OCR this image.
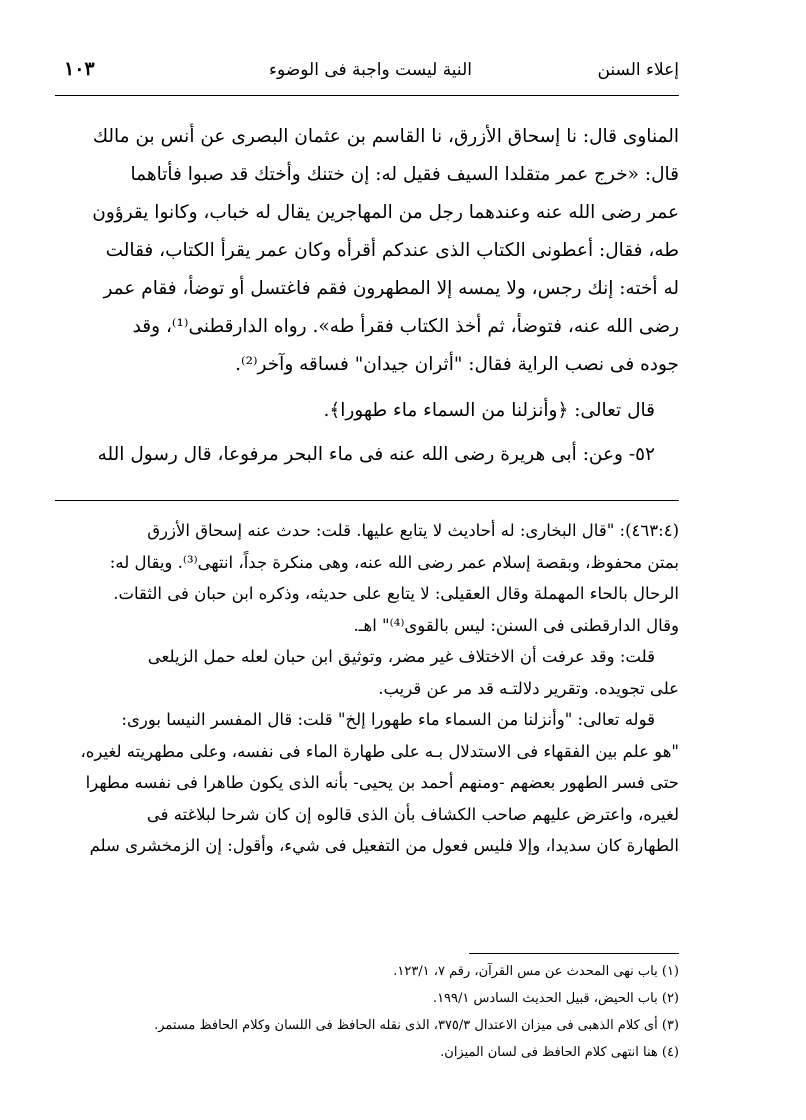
إعلاء السنن
النية ليست واجبة فى الوضوء
١٠٣
المناوى قال: نا إسحاق الأزرق، نا القاسم بن عثمان البصرى عن أنس بن مالك
قال: «خرج عمر متقلدا السيف فقيل له: إن ختنك وأختك قد صبوا فأتاهما
عمر رضى الله عنه وعندهما رجل من المهاجرين يقال له خباب، وكانوا يقرؤون
طه، فقال: أعطونى الكتاب الذى عندكم أقرأه وكان عمر يقرأ الكتاب، فقالت
له أخته: إنك رجس، ولا يمسه إلا المطهرون فقم فاغتسل أو توضأ، فقام عمر
رضى الله عنه، فتوضأ، ثم أخذ الكتاب فقرأ طه». رواه الدارقطنى⁽¹⁾، وقد
جوده فى نصب الراية فقال: "أثران جيدان" فساقه وآخر⁽²⁾.
قال تعالى: ﴿وأنزلنا من السماء ماء طهورا﴾.
٥٢- وعن: أبى هريرة رضى الله عنه فى ماء البحر مرفوعا، قال رسول الله
(٤٦٣:٤): "قال البخارى: له أحاديث لا يتابع عليها. قلت: حدث عنه إسحاق الأزرق
بمتن محفوظ، وبقصة إسلام عمر رضى الله عنه، وهى منكرة جداً، انتهى⁽³⁾. ويقال له:
الرحال بالحاء المهملة وقال العقيلى: لا يتابع على حديثه، وذكره ابن حبان فى الثقات.
وقال الدارقطنى فى السنن: ليس بالقوى⁽⁴⁾" اهـ.
قلت: وقد عرفت أن الاختلاف غير مضر، وتوثيق ابن حبان لعله حمل الزيلعى
على تجويده. وتقرير دلالتـه قد مر عن قريب.
قوله تعالى: "وأنزلنا من السماء ماء طهورا إلخ" قلت: قال المفسر النيسا بورى:
"هو علم بين الفقهاء فى الاستدلال بـه على طهارة الماء فى نفسه، وعلى مطهريته لغيره،
حتى فسر الطهور بعضهم -ومنهم أحمد بن يحيى- بأنه الذى يكون طاهرا فى نفسه مطهرا
لغيره، واعترض عليهم صاحب الكشاف بأن الذى قالوه إن كان شرحا لبلاغته فى
الطهارة كان سديدا، وإلا فليس فعول من التفعيل فى شيء، وأقول: إن الزمخشرى سلم
(١) باب نهى المحدث عن مس القرآن، رقم ٧، ١٢٣/١.
(٢) باب الحيض، قبيل الحديث السادس ١٩٩/١.
(٣) أى كلام الذهبى فى ميزان الاعتدال ٣٧٥/٣، الذى نقله الحافظ فى اللسان وكلام الحافظ مستمر.
(٤) هنا انتهى كلام الحافظ فى لسان الميزان.
